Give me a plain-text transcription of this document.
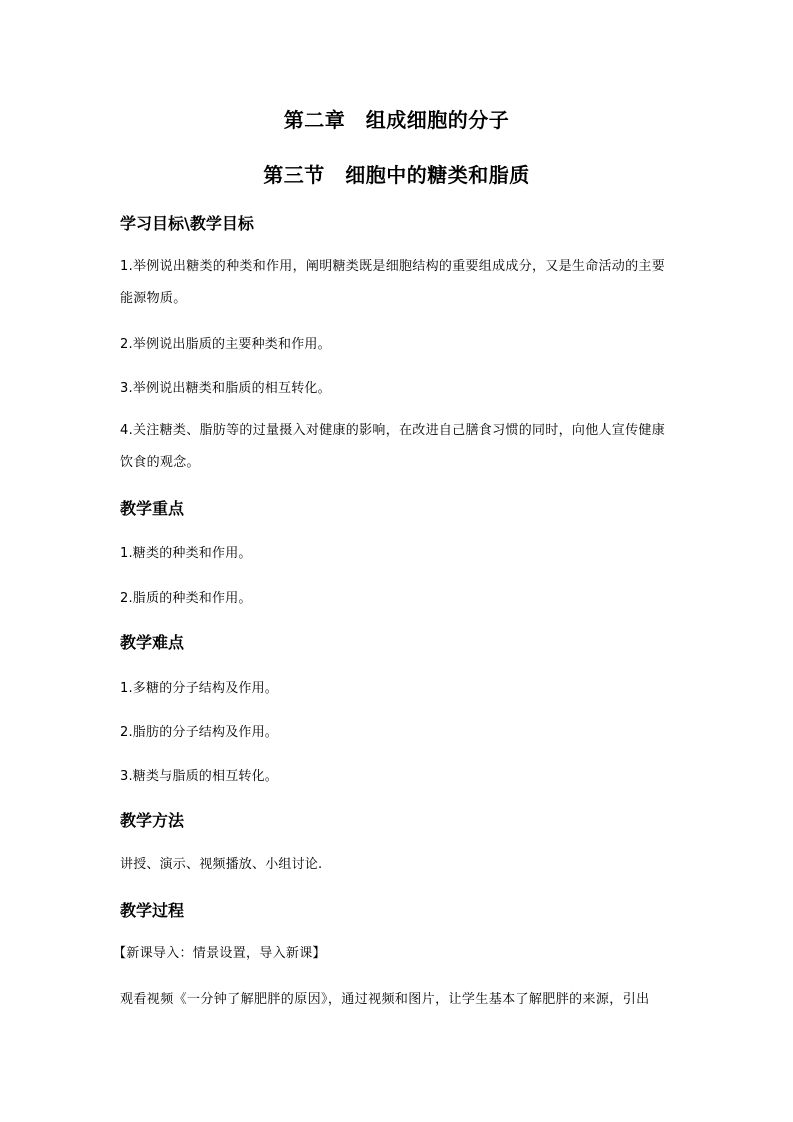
第二章　组成细胞的分子
第三节　细胞中的糖类和脂质
学习目标\教学目标

1.举例说出糖类的种类和作用，阐明糖类既是细胞结构的重要组成成分，又是生命活动的主要能源物质。

2.举例说出脂质的主要种类和作用。

3.举例说出糖类和脂质的相互转化。

4.关注糖类、脂肪等的过量摄入对健康的影响，在改进自己膳食习惯的同时，向他人宣传健康饮食的观念。

教学重点

1.糖类的种类和作用。

2.脂质的种类和作用。

教学难点

1.多糖的分子结构及作用。

2.脂肪的分子结构及作用。

3.糖类与脂质的相互转化。

教学方法

讲授、演示、视频播放、小组讨论.

教学过程

【新课导入：情景设置，导入新课】

观看视频《一分钟了解肥胖的原因》，通过视频和图片，让学生基本了解肥胖的来源，引出
